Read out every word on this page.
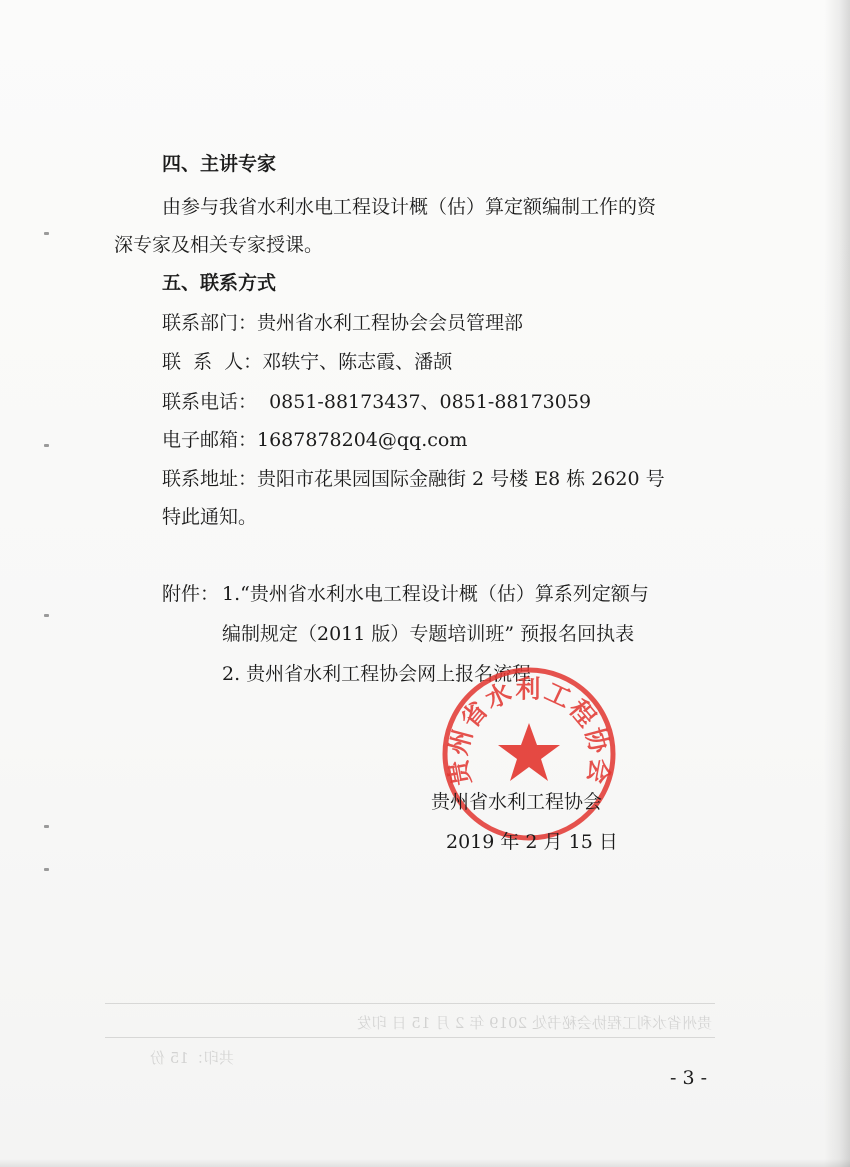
四、主讲专家
由参与我省水利水电工程设计概（估）算定额编制工作的资
深专家及相关专家授课。
五、联系方式
联系部门：贵州省水利工程协会会员管理部
联  系  人：邓轶宁、陈志霞、潘颉
联系电话：  0851-88173437、0851-88173059
电子邮箱：1687878204@qq.com
联系地址：贵阳市花果园国际金融街 2 号楼 E8 栋 2620 号
特此通知。
附件： 1.“贵州省水利水电工程设计概（估）算系列定额与
编制规定（2011 版）专题培训班” 预报名回执表
2. 贵州省水利工程协会网上报名流程
贵州省水利工程协会
贵州省水利工程协会
2019 年 2 月 15 日
贵州省水利工程协会秘书处 2019 年 2 月 15 日 印发
共印：15 份
- 3 -
